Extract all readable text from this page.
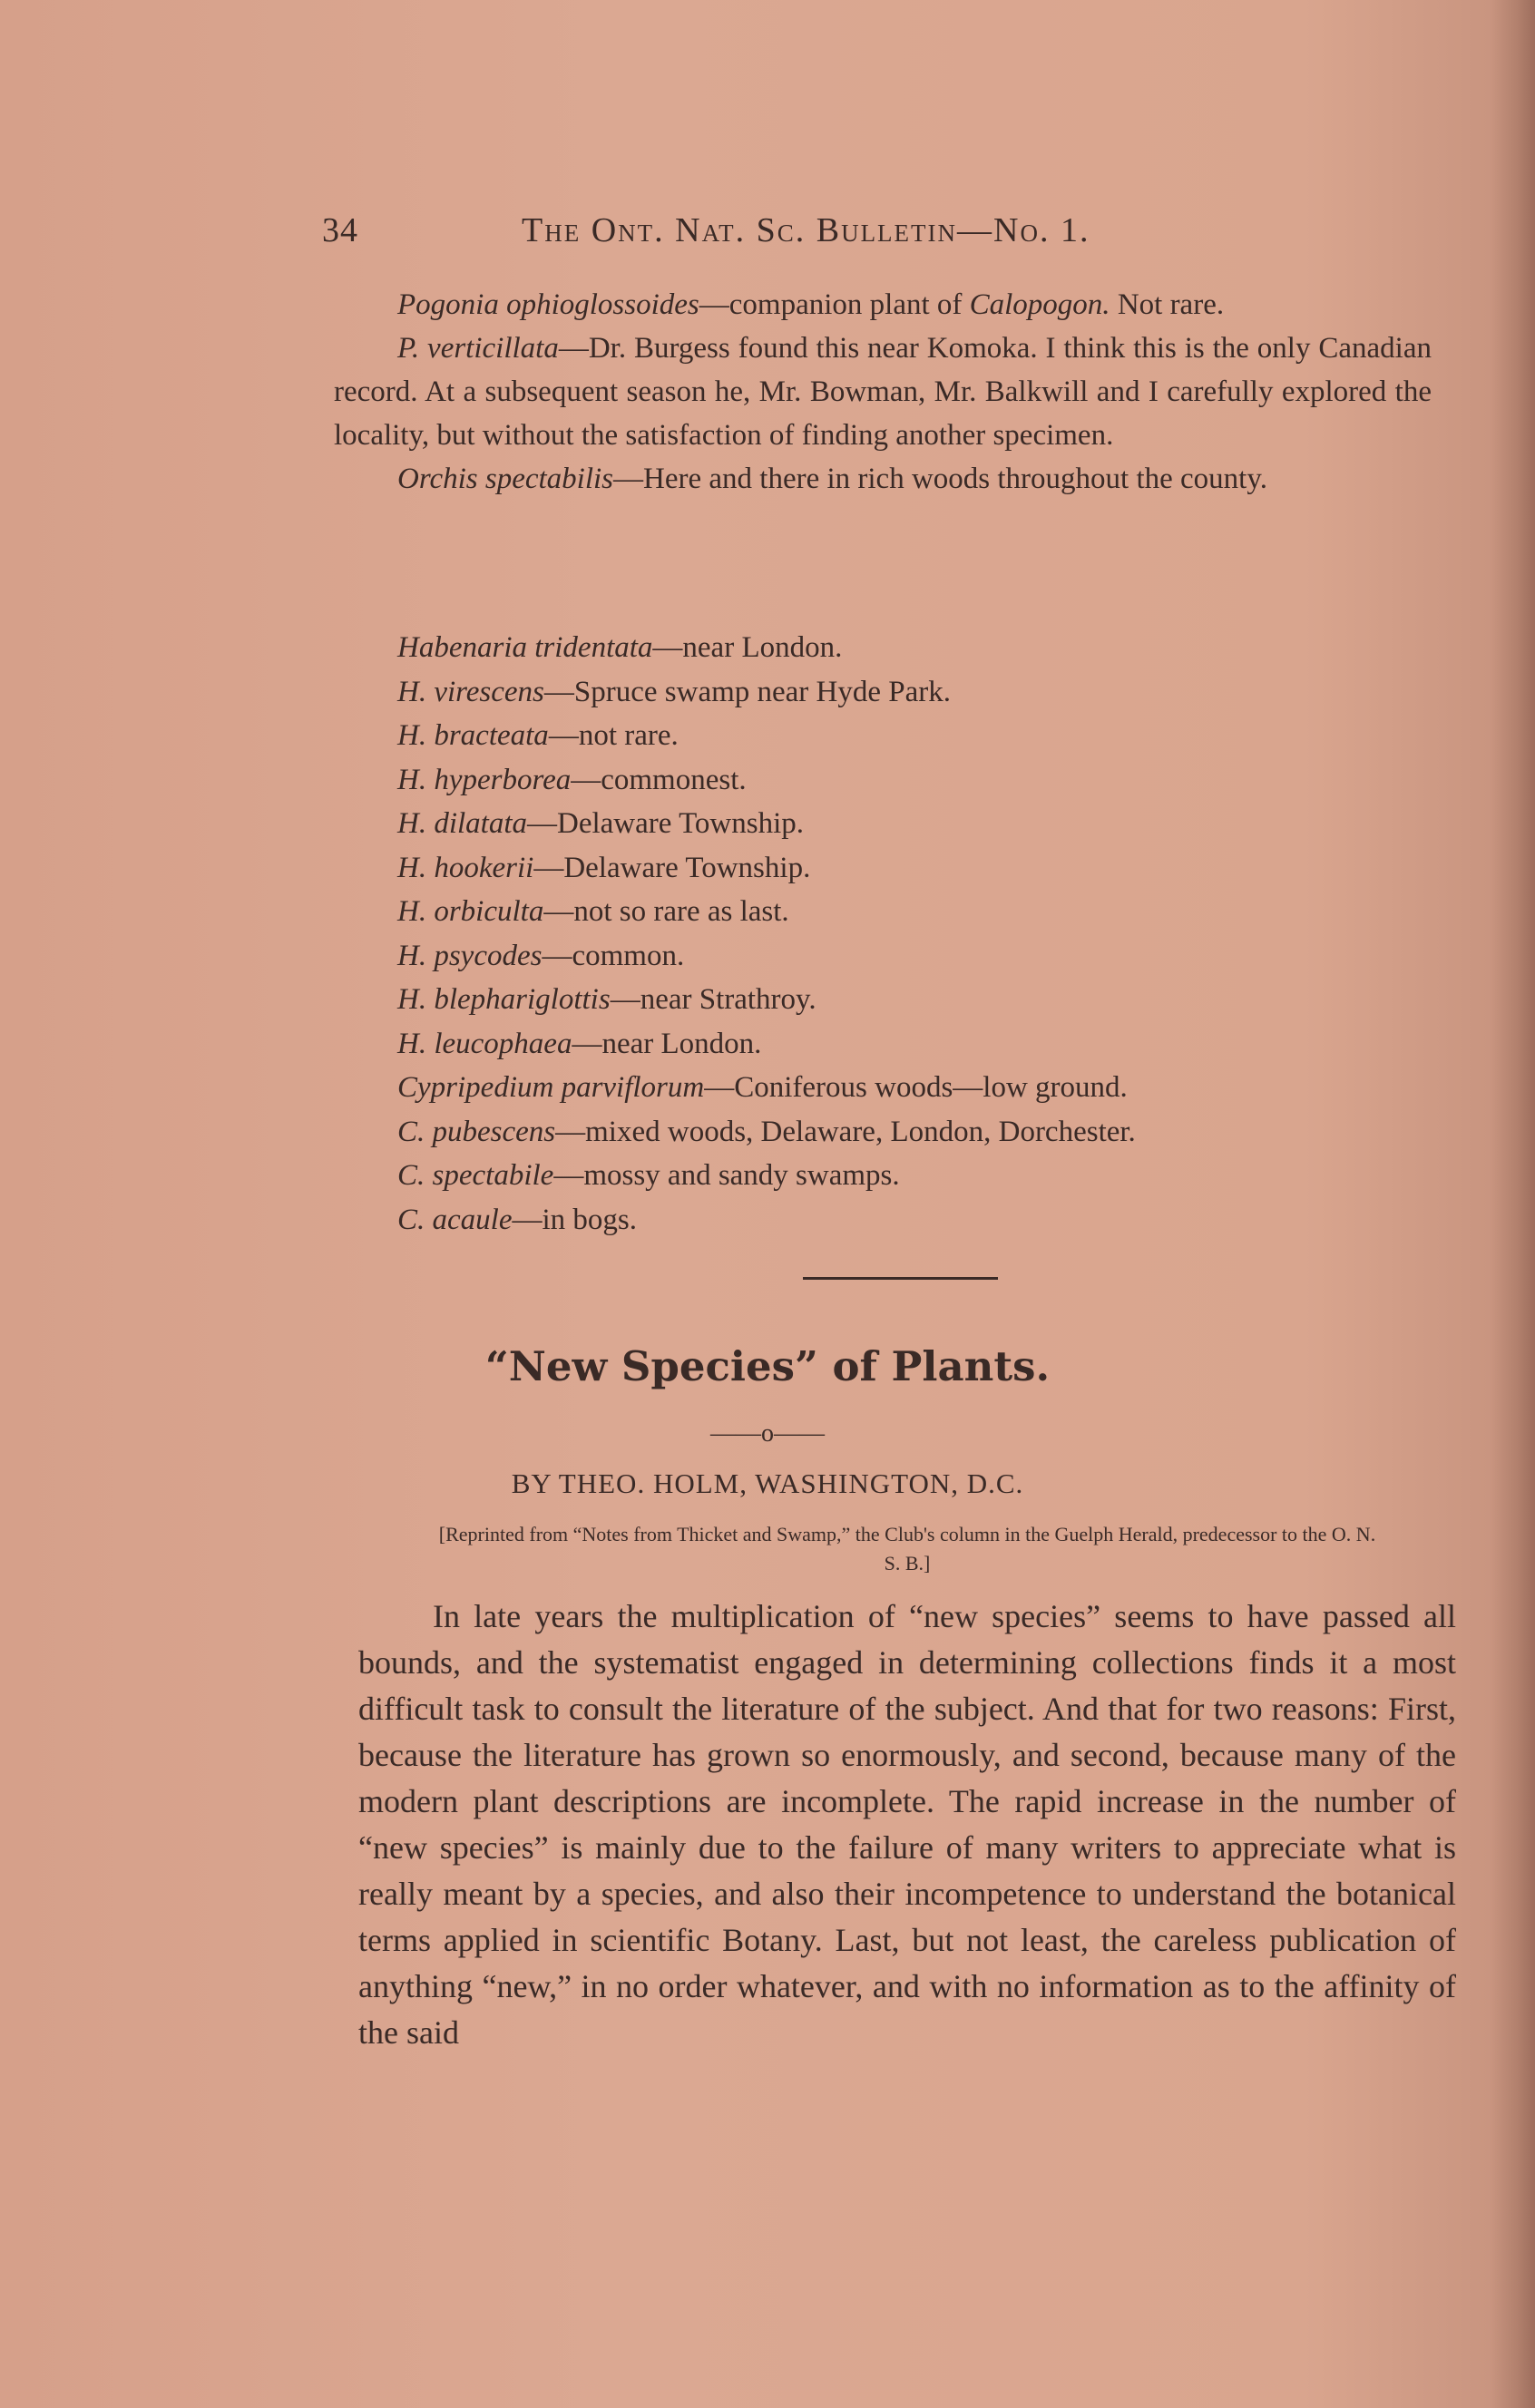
34	The Ont. Nat. Sc. Bulletin—No. 1.

Pogonia ophioglossoides—companion plant of Calopogon. Not rare.

P. verticillata—Dr. Burgess found this near Komoka. I think this is the only Canadian record. At a subsequent season he, Mr. Bowman, Mr. Balkwill and I carefully explored the locality, but without the satisfaction of finding another specimen.

Orchis spectabilis—Here and there in rich woods throughout the county.

Habenaria tridentata—near London.
H. virescens—Spruce swamp near Hyde Park.
H. bracteata—not rare.
H. hyperborea—commonest.
H. dilatata—Delaware Township.
H. hookerii—Delaware Township.
H. orbiculta—not so rare as last.
H. psycodes—common.
H. blephariglottis—near Strathroy.
H. leucophaea—near London.
Cypripedium parviflorum—Coniferous woods—low ground.
C. pubescens—mixed woods, Delaware, London, Dorchester.
C. spectabile—mossy and sandy swamps.
C. acaule—in bogs.
“New Species” of Plants.
——o——
BY THEO. HOLM, WASHINGTON, D.C.
[Reprinted from “Notes from Thicket and Swamp,” the Club's column in the Guelph Herald, predecessor to the O. N. S. B.]

In late years the multiplication of “new species” seems to have passed all bounds, and the systematist engaged in determining collections finds it a most difficult task to consult the literature of the subject. And that for two reasons: First, because the literature has grown so enormously, and second, because many of the modern plant descriptions are incomplete. The rapid increase in the number of “new species” is mainly due to the failure of many writers to appreciate what is really meant by a species, and also their incompetence to understand the botanical terms applied in scientific Botany. Last, but not least, the careless publication of anything “new,” in no order whatever, and with no information as to the affinity of the said
